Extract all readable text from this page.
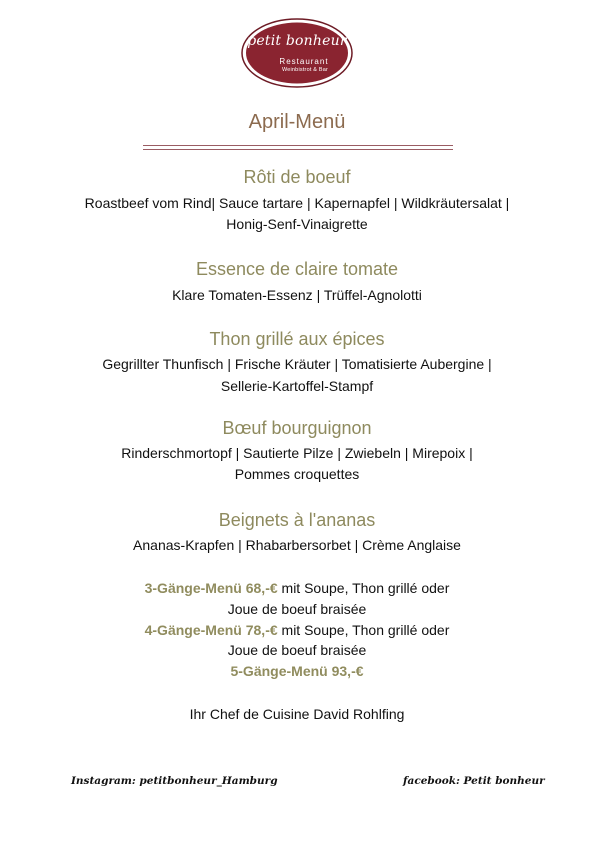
petit bonheur
Restaurant
Weinbistrot & Bar
April-Menü
Rôti de boeuf
Roastbeef vom Rind| Sauce tartare | Kapernapfel | Wildkräutersalat |
Honig-Senf-Vinaigrette
Essence de claire tomate
Klare Tomaten-Essenz | Trüffel-Agnolotti
Thon grillé aux épices
Gegrillter Thunfisch | Frische Kräuter | Tomatisierte Aubergine |
Sellerie-Kartoffel-Stampf
Bœuf bourguignon
Rinderschmortopf | Sautierte Pilze | Zwiebeln | Mirepoix |
Pommes croquettes
Beignets à l'ananas
Ananas-Krapfen | Rhabarbersorbet | Crème Anglaise
3-Gänge-Menü 68,-€ mit Soupe, Thon grillé oder
Joue de boeuf braisée
4-Gänge-Menü 78,-€ mit Soupe, Thon grillé oder
Joue de boeuf braisée
5-Gänge-Menü 93,-€
Ihr Chef de Cuisine David Rohlfing
Instagram: petitbonheur_Hamburg	facebook: Petit bonheur
